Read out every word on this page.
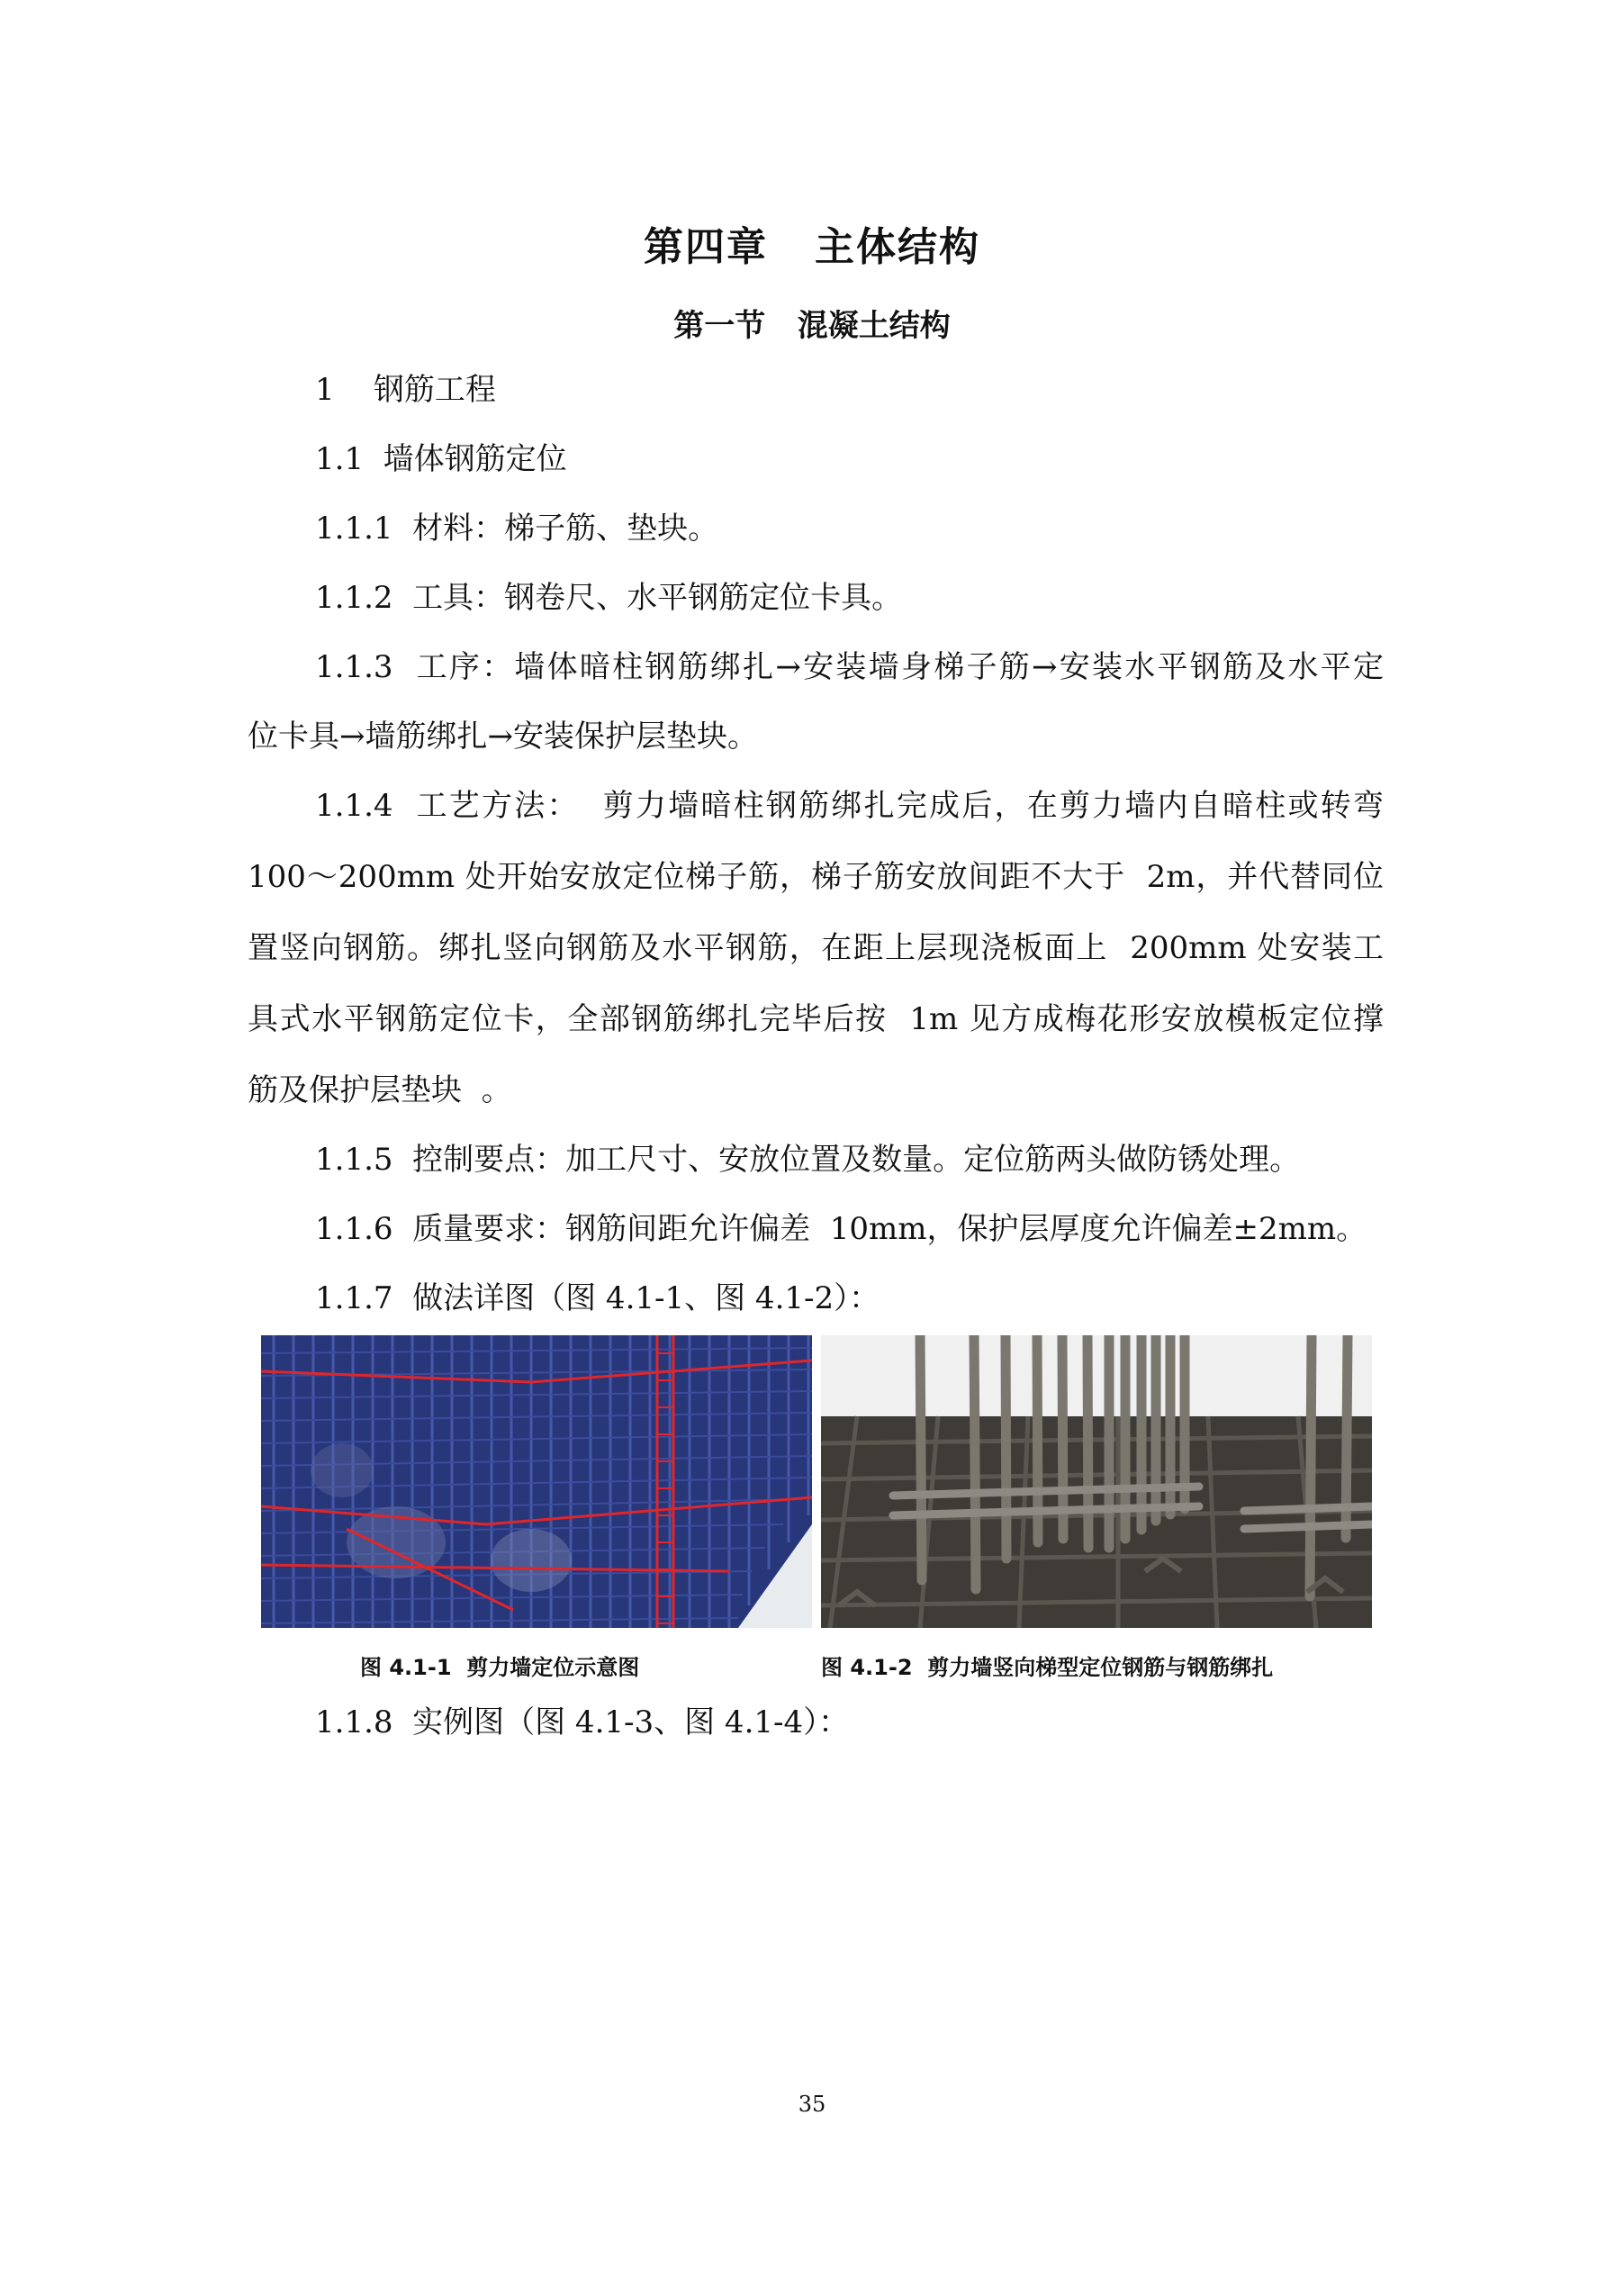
第四章   主体结构
第一节   混凝土结构
1    钢筋工程
1.1  墙体钢筋定位
1.1.1  材料：梯子筋、垫块。
1.1.2  工具：钢卷尺、水平钢筋定位卡具。
1.1.3  工序：墙体暗柱钢筋绑扎→安装墙身梯子筋→安装水平钢筋及水平定
位卡具→墙筋绑扎→安装保护层垫块。
1.1.4  工艺方法：  剪力墙暗柱钢筋绑扎完成后，在剪力墙内自暗柱或转弯
100～200mm 处开始安放定位梯子筋，梯子筋安放间距不大于  2m，并代替同位
置竖向钢筋。绑扎竖向钢筋及水平钢筋，在距上层现浇板面上  200mm 处安装工
具式水平钢筋定位卡，全部钢筋绑扎完毕后按  1m 见方成梅花形安放模板定位撑
筋及保护层垫块  。
1.1.5  控制要点：加工尺寸、安放位置及数量。定位筋两头做防锈处理。
1.1.6  质量要求：钢筋间距允许偏差  10mm，保护层厚度允许偏差±2mm。
1.1.7  做法详图（图 4.1-1、图 4.1-2）：
图 4.1-1  剪力墙定位示意图	图 4.1-2  剪力墙竖向梯型定位钢筋与钢筋绑扎
1.1.8  实例图（图 4.1-3、图 4.1-4）：
35
